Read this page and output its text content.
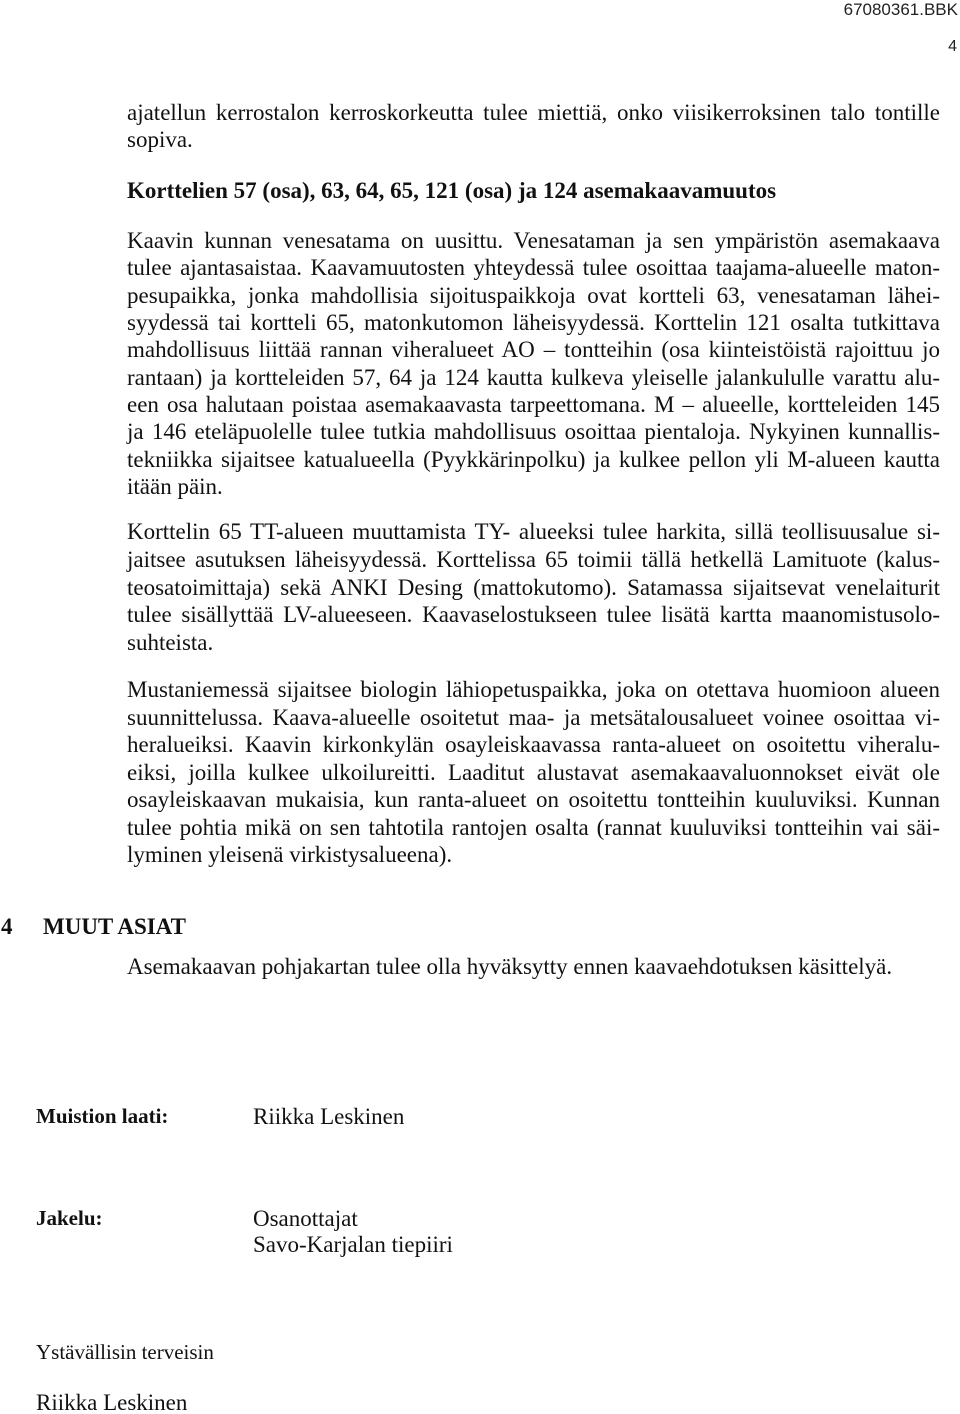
67080361.BBK
4
ajatellun kerrostalon kerroskorkeutta tulee miettiä, onko viisikerroksinen talo tontille
sopiva.
Korttelien 57 (osa), 63, 64, 65, 121 (osa) ja 124 asemakaavamuutos
Kaavin kunnan venesatama on uusittu. Venesataman ja sen ympäristön asemakaava
tulee ajantasaistaa. Kaavamuutosten yhteydessä tulee osoittaa taajama-alueelle maton-
pesupaikka, jonka mahdollisia sijoituspaikkoja ovat kortteli 63, venesataman lähei-
syydessä tai kortteli 65, matonkutomon läheisyydessä. Korttelin 121 osalta tutkittava
mahdollisuus liittää rannan viheralueet AO – tontteihin (osa kiinteistöistä rajoittuu jo
rantaan) ja kortteleiden 57, 64 ja 124 kautta kulkeva yleiselle jalankululle varattu alu-
een osa halutaan poistaa asemakaavasta tarpeettomana. M – alueelle, kortteleiden 145
ja 146 eteläpuolelle tulee tutkia mahdollisuus osoittaa pientaloja. Nykyinen kunnallis-
tekniikka sijaitsee katualueella (Pyykkärinpolku) ja kulkee pellon yli M-alueen kautta
itään päin.
Korttelin 65 TT-alueen muuttamista TY- alueeksi tulee harkita, sillä teollisuusalue si-
jaitsee asutuksen läheisyydessä. Korttelissa 65 toimii tällä hetkellä Lamituote (kalus-
teosatoimittaja) sekä ANKI Desing (mattokutomo). Satamassa sijaitsevat venelaiturit
tulee sisällyttää LV-alueeseen. Kaavaselostukseen tulee lisätä kartta maanomistusolo-
suhteista.
Mustaniemessä sijaitsee biologin lähiopetuspaikka, joka on otettava huomioon alueen
suunnittelussa. Kaava-alueelle osoitetut maa- ja metsätalousalueet voinee osoittaa vi-
heralueiksi. Kaavin kirkonkylän osayleiskaavassa ranta-alueet on osoitettu viheralu-
eiksi, joilla kulkee ulkoilureitti. Laaditut alustavat asemakaavaluonnokset eivät ole
osayleiskaavan mukaisia, kun ranta-alueet on osoitettu tontteihin kuuluviksi. Kunnan
tulee pohtia mikä on sen tahtotila rantojen osalta (rannat kuuluviksi tontteihin vai säi-
lyminen yleisenä virkistysalueena).
4 MUUT ASIAT
Asemakaavan pohjakartan tulee olla hyväksytty ennen kaavaehdotuksen käsittelyä.
Muistion laati:	Riikka Leskinen
Jakelu:	Osanottajat
Savo-Karjalan tiepiiri
Ystävällisin terveisin
Riikka Leskinen
